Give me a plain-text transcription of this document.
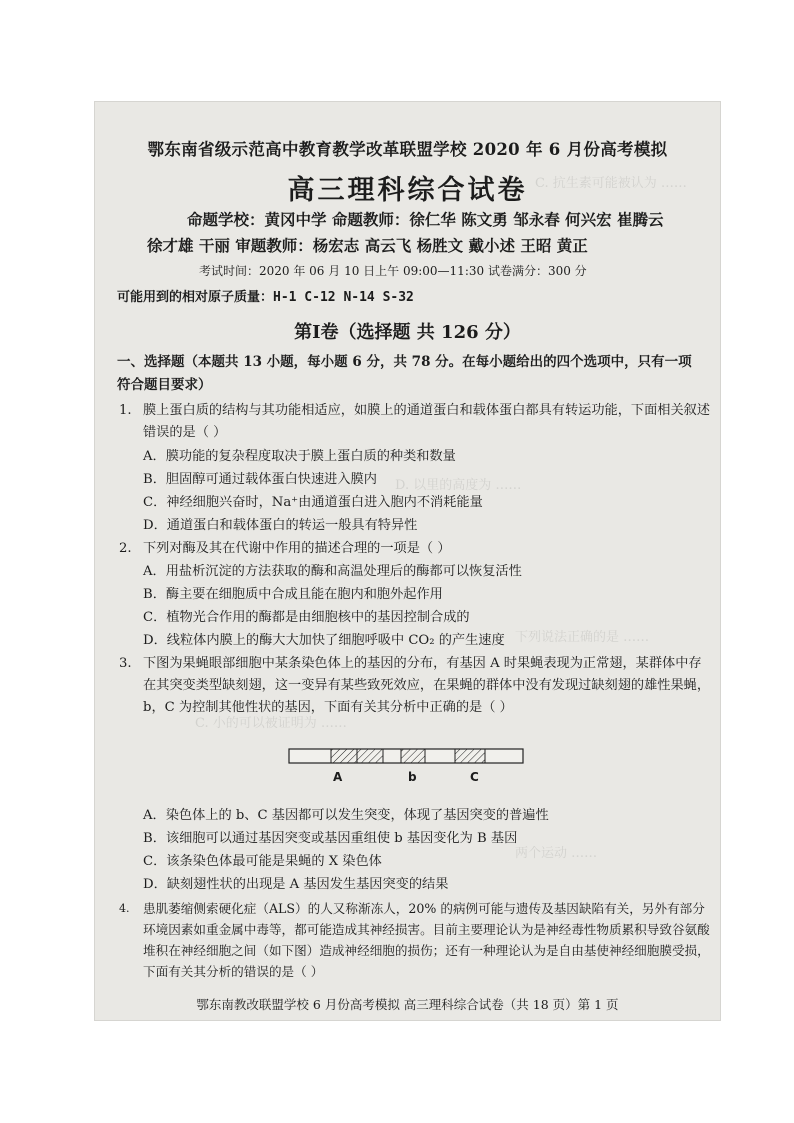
C. 抗生素可能被认为 ……
D. 以里的高度为 ……
下列说法正确的是 ……
C. 小的可以被证明为 ……
两个运动 ……
鄂东南省级示范高中教育教学改革联盟学校 2020 年 6 月份高考模拟
高三理科综合试卷
命题学校：黄冈中学 命题教师：徐仁华 陈文勇 邹永春 何兴宏 崔腾云
徐才雄 干丽 审题教师：杨宏志 高云飞 杨胜文 戴小述 王昭 黄正
考试时间：2020 年 06 月 10 日上午 09:00—11:30 试卷满分：300 分
可能用到的相对原子质量：H-1 C-12 N-14 S-32
第Ⅰ卷（选择题 共 126 分）
一、选择题（本题共 13 小题，每小题 6 分，共 78 分。在每小题给出的四个选项中，只有一项符合题目要求）
1. 膜上蛋白质的结构与其功能相适应，如膜上的通道蛋白和载体蛋白都具有转运功能，下面相关叙述错误的是（ ）
A．膜功能的复杂程度取决于膜上蛋白质的种类和数量
B．胆固醇可通过载体蛋白快速进入膜内
C．神经细胞兴奋时，Na⁺由通道蛋白进入胞内不消耗能量
D．通道蛋白和载体蛋白的转运一般具有特异性
2. 下列对酶及其在代谢中作用的描述合理的一项是（ ）
A．用盐析沉淀的方法获取的酶和高温处理后的酶都可以恢复活性
B．酶主要在细胞质中合成且能在胞内和胞外起作用
C．植物光合作用的酶都是由细胞核中的基因控制合成的
D．线粒体内膜上的酶大大加快了细胞呼吸中 CO₂ 的产生速度
3. 下图为果蝇眼部细胞中某条染色体上的基因的分布，有基因 A 时果蝇表现为正常翅，某群体中存在其突变类型缺刻翅，这一变异有某些致死效应，在果蝇的群体中没有发现过缺刻翅的雄性果蝇，b，C 为控制其他性状的基因，下面有关其分析中正确的是（ ）
A	b	C
A．染色体上的 b、C 基因都可以发生突变，体现了基因突变的普遍性
B．该细胞可以通过基因突变或基因重组使 b 基因变化为 B 基因
C．该条染色体最可能是果蝇的 X 染色体
D．缺刻翅性状的出现是 A 基因发生基因突变的结果
4. 患肌萎缩侧索硬化症（ALS）的人又称渐冻人，20% 的病例可能与遗传及基因缺陷有关，另外有部分环境因素如重金属中毒等，都可能造成其神经损害。目前主要理论认为是神经毒性物质累积导致谷氨酸堆积在神经细胞之间（如下图）造成神经细胞的损伤；还有一种理论认为是自由基使神经细胞膜受损，下面有关其分析的错误的是（ ）
鄂东南教改联盟学校 6 月份高考模拟 高三理科综合试卷（共 18 页）第 1 页
